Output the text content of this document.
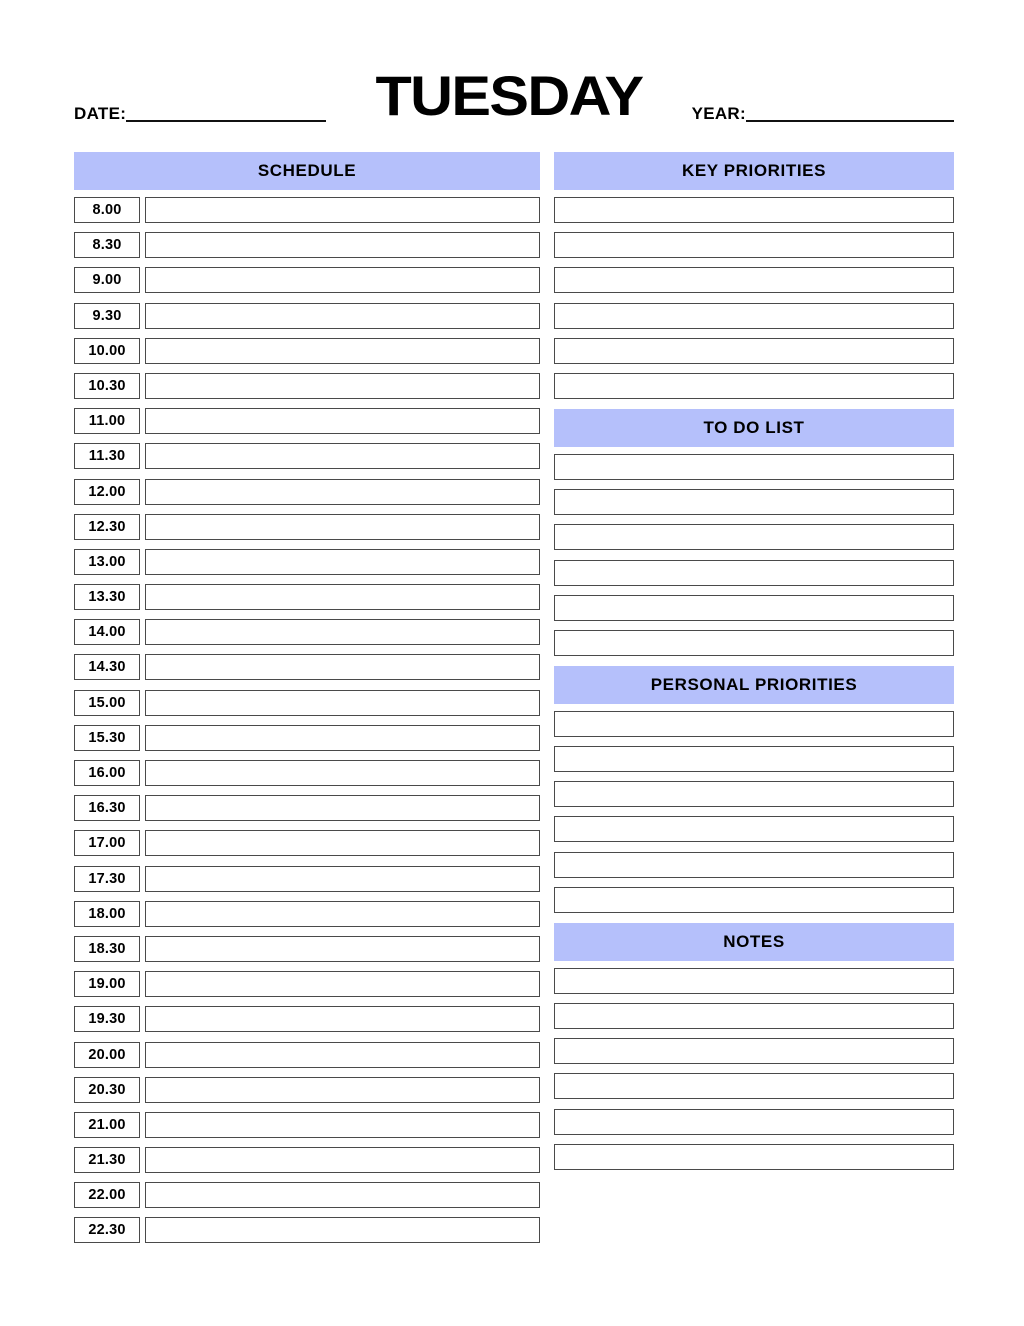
DATE:	TUESDAY	YEAR:
SCHEDULE
8.00
8.30
9.00
9.30
10.00
10.30
11.00
11.30
12.00
12.30
13.00
13.30
14.00
14.30
15.00
15.30
16.00
16.30
17.00
17.30
18.00
18.30
19.00
19.30
20.00
20.30
21.00
21.30
22.00
22.30
KEY PRIORITIES
TO DO LIST
PERSONAL PRIORITIES
NOTES
